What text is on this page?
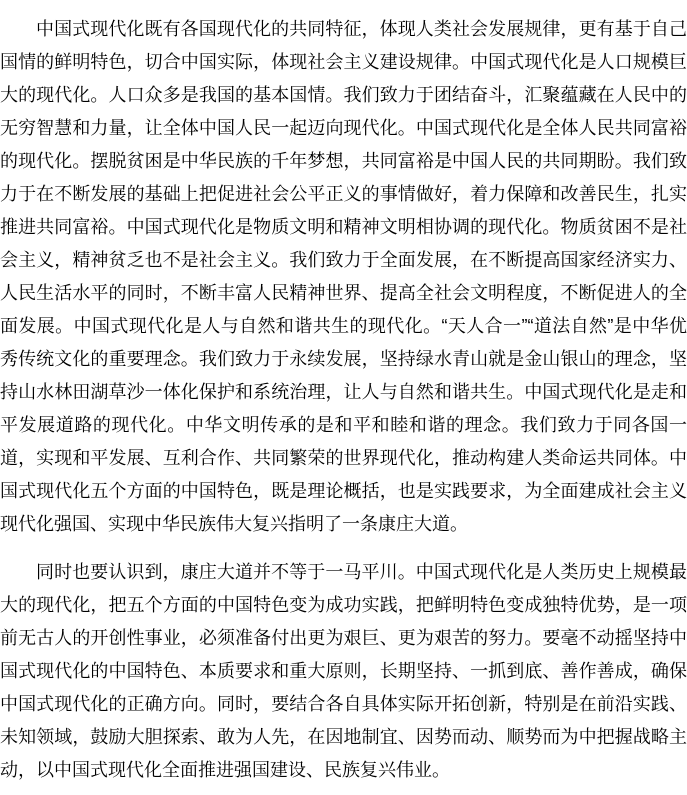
中国式现代化既有各国现代化的共同特征，体现人类社会发展规律，更有基于自己国情的鲜明特色，切合中国实际，体现社会主义建设规律。中国式现代化是人口规模巨大的现代化。人口众多是我国的基本国情。我们致力于团结奋斗，汇聚蕴藏在人民中的无穷智慧和力量，让全体中国人民一起迈向现代化。中国式现代化是全体人民共同富裕的现代化。摆脱贫困是中华民族的千年梦想，共同富裕是中国人民的共同期盼。我们致力于在不断发展的基础上把促进社会公平正义的事情做好，着力保障和改善民生，扎实推进共同富裕。中国式现代化是物质文明和精神文明相协调的现代化。物质贫困不是社会主义，精神贫乏也不是社会主义。我们致力于全面发展，在不断提高国家经济实力、人民生活水平的同时，不断丰富人民精神世界、提高全社会文明程度，不断促进人的全面发展。中国式现代化是人与自然和谐共生的现代化。“天人合一”“道法自然”是中华优秀传统文化的重要理念。我们致力于永续发展，坚持绿水青山就是金山银山的理念，坚持山水林田湖草沙一体化保护和系统治理，让人与自然和谐共生。中国式现代化是走和平发展道路的现代化。中华文明传承的是和平和睦和谐的理念。我们致力于同各国一道，实现和平发展、互利合作、共同繁荣的世界现代化，推动构建人类命运共同体。中国式现代化五个方面的中国特色，既是理论概括，也是实践要求，为全面建成社会主义现代化强国、实现中华民族伟大复兴指明了一条康庄大道。

同时也要认识到，康庄大道并不等于一马平川。中国式现代化是人类历史上规模最大的现代化，把五个方面的中国特色变为成功实践，把鲜明特色变成独特优势，是一项前无古人的开创性事业，必须准备付出更为艰巨、更为艰苦的努力。要毫不动摇坚持中国式现代化的中国特色、本质要求和重大原则，长期坚持、一抓到底、善作善成，确保中国式现代化的正确方向。同时，要结合各自具体实际开拓创新，特别是在前沿实践、未知领域，鼓励大胆探索、敢为人先，在因地制宜、因势而动、顺势而为中把握战略主动，以中国式现代化全面推进强国建设、民族复兴伟业。
